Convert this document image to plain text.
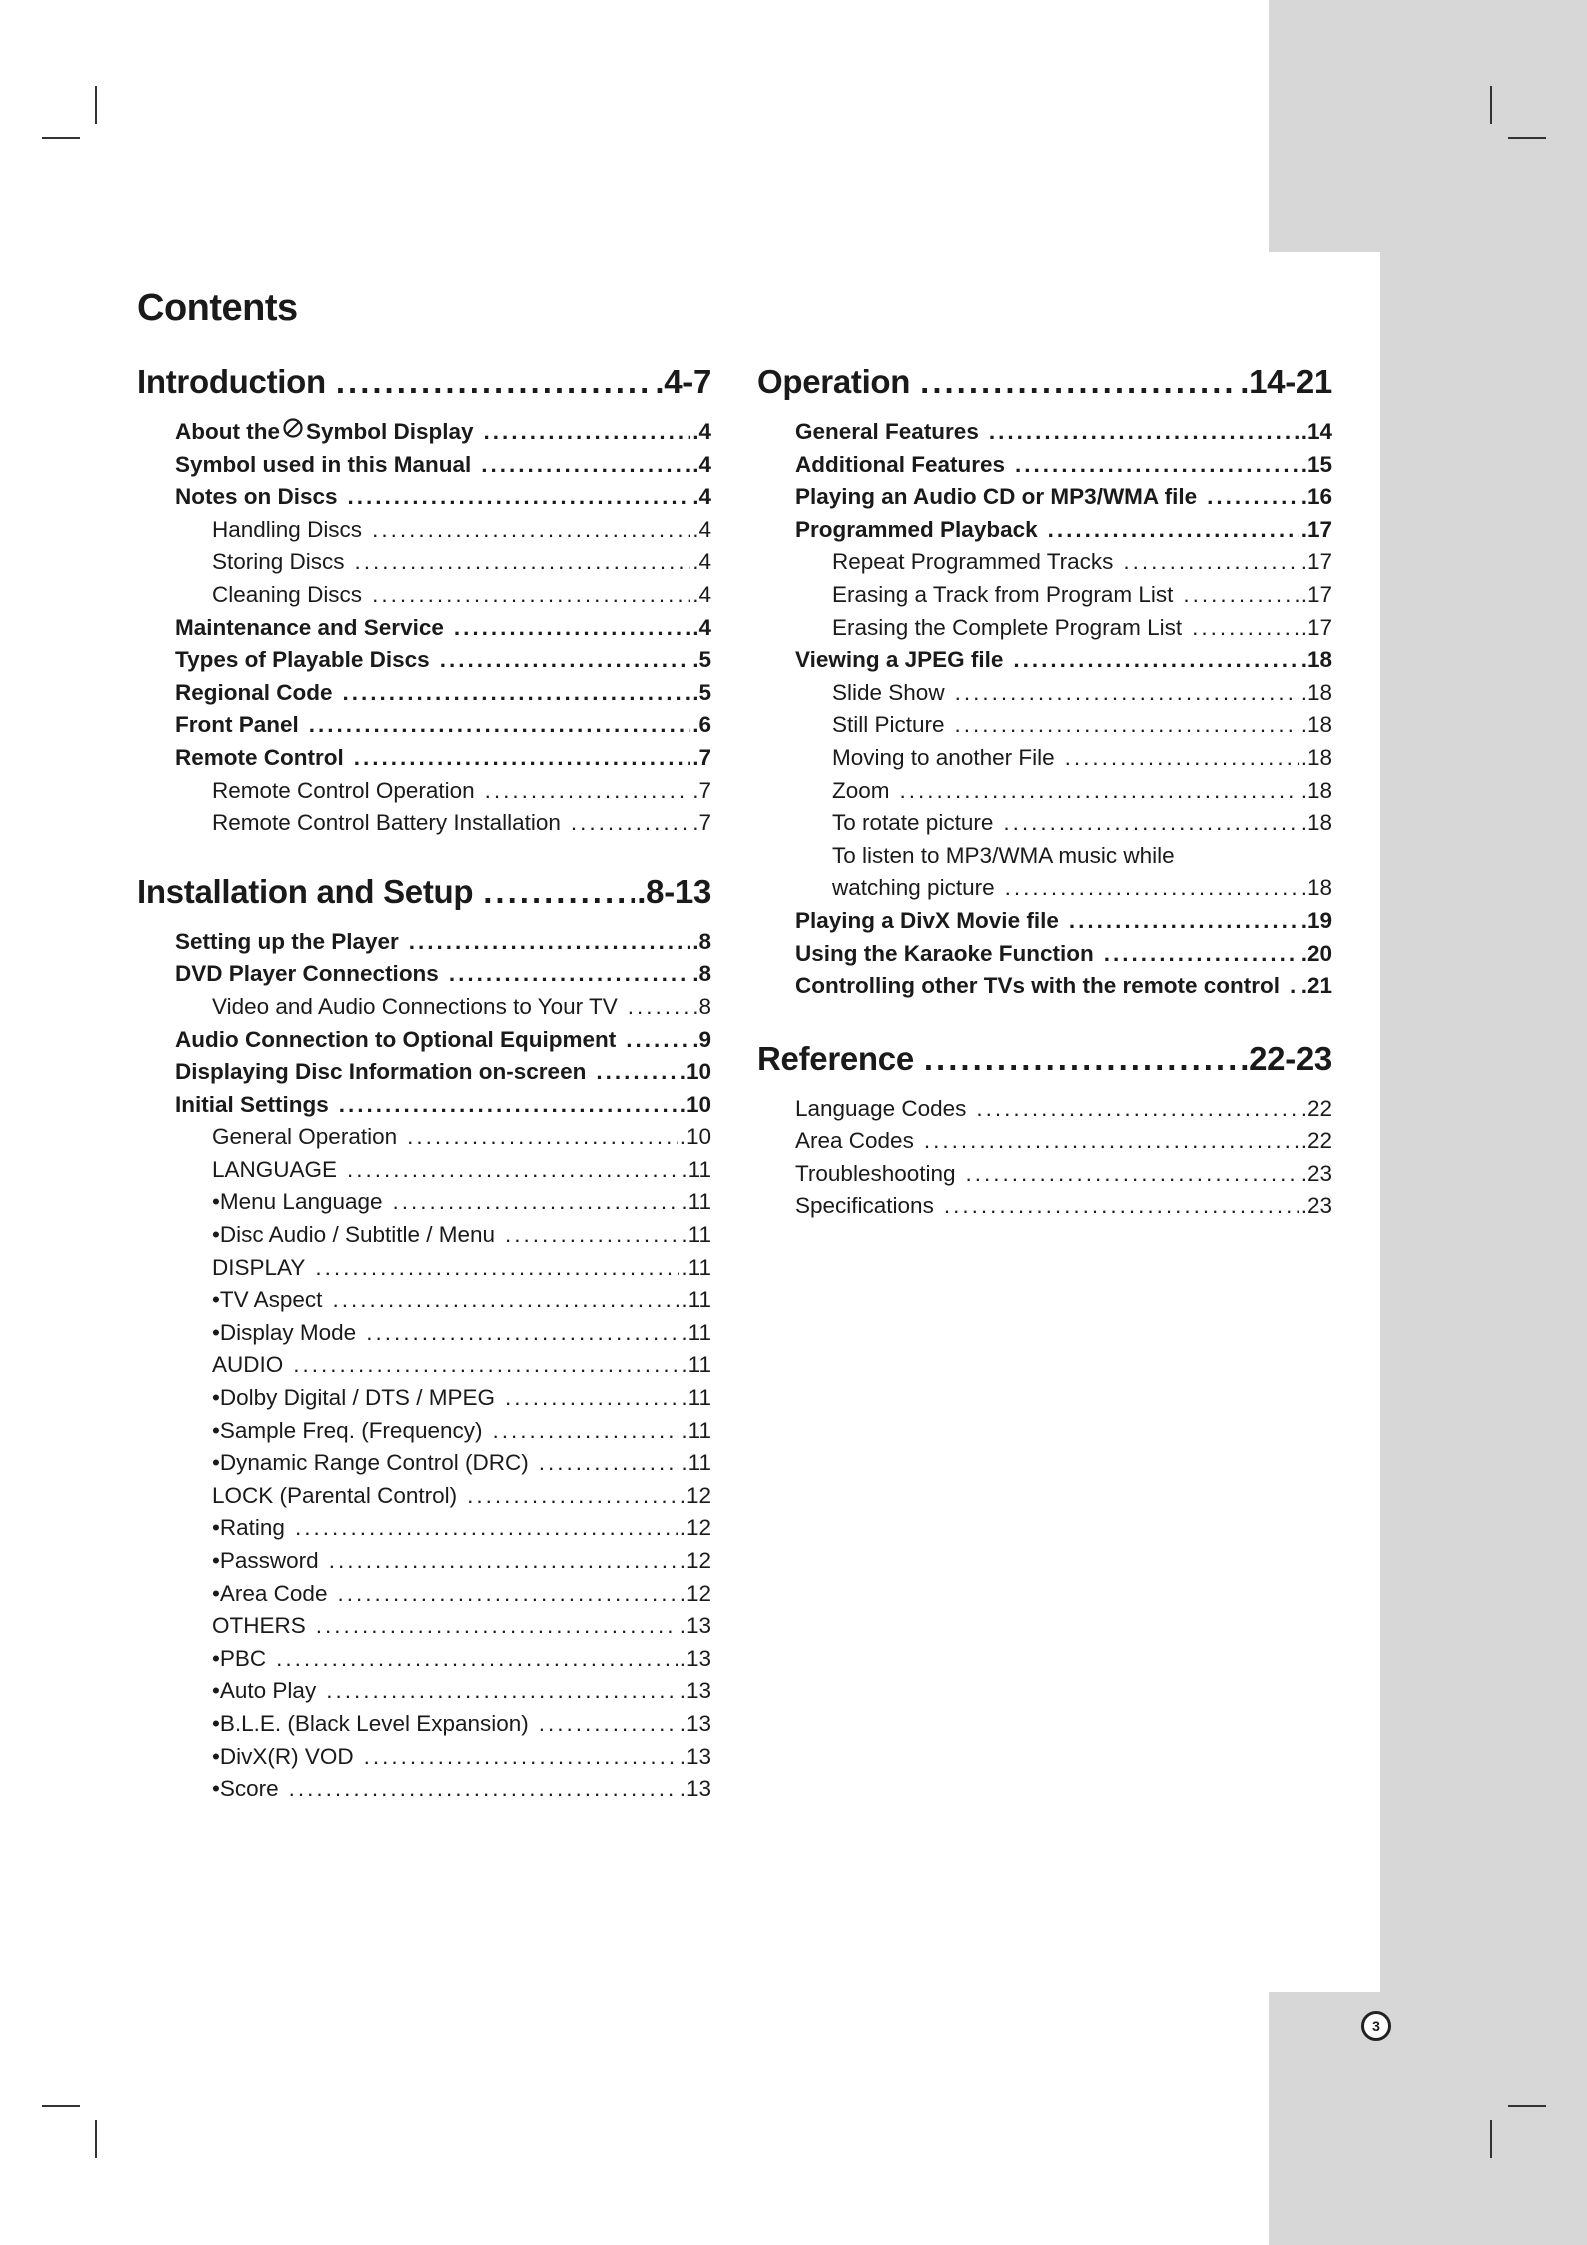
Contents
Introduction .....	.4-7
About the Symbol Display .....	.4
Symbol used in this Manual .....	.4
Notes on Discs .....	.4
Handling Discs .....	.4
Storing Discs .....	.4
Cleaning Discs .....	.4
Maintenance and Service .....	.4
Types of Playable Discs .....	.5
Regional Code .....	.5
Front Panel .....	.6
Remote Control .....	.7
Remote Control Operation .....	.7
Remote Control Battery Installation .....	.7
Installation and Setup .....	.8-13
Setting up the Player .....	.8
DVD Player Connections .....	.8
Video and Audio Connections to Your TV .....	.8
Audio Connection to Optional Equipment .....	.9
Displaying Disc Information on-screen .....	.10
Initial Settings .....	.10
General Operation .....	.10
LANGUAGE .....	.11
• Menu Language .....	.11
• Disc Audio / Subtitle / Menu .....	.11
DISPLAY .....	.11
• TV Aspect .....	.11
• Display Mode .....	.11
AUDIO .....	.11
• Dolby Digital / DTS / MPEG .....	.11
• Sample Freq. (Frequency) .....	.11
• Dynamic Range Control (DRC) .....	.11
LOCK (Parental Control) .....	.12
• Rating .....	.12
• Password .....	.12
• Area Code .....	.12
OTHERS .....	.13
• PBC .....	.13
• Auto Play .....	.13
• B.L.E. (Black Level Expansion) .....	.13
• DivX(R) VOD .....	.13
• Score .....	.13
Operation .....	.14-21
General Features .....	.14
Additional Features .....	.15
Playing an Audio CD or MP3/WMA file .....	.16
Programmed Playback .....	.17
Repeat Programmed Tracks .....	.17
Erasing a Track from Program List .....	.17
Erasing the Complete Program List .....	.17
Viewing a JPEG file .....	.18
Slide Show .....	.18
Still Picture .....	.18
Moving to another File .....	.18
Zoom .....	.18
To rotate picture .....	.18
To listen to MP3/WMA music while
watching picture .....	.18
Playing a DivX Movie file .....	.19
Using the Karaoke Function .....	.20
Controlling other TVs with the remote control ..... .21
Reference .....	.22-23
Language Codes .....	.22
Area Codes .....	.22
Troubleshooting .....	.23
Specifications .....	.23
3
